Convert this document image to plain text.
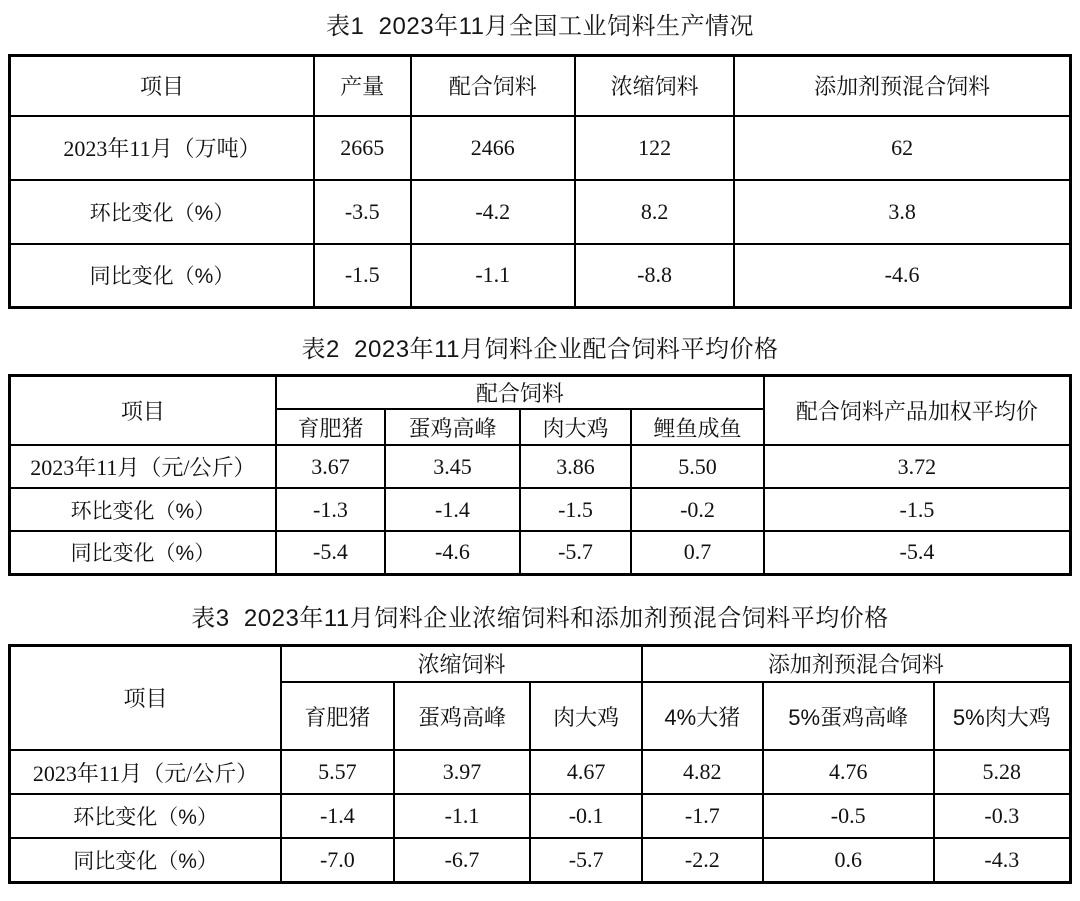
表1  2023年11月全国工业饲料生产情况
项目	产量	配合饲料	浓缩饲料	添加剂预混合饲料
2023年11月（万吨）	2665	2466	122	62
环比变化（%）	-3.5	-4.2	8.2	3.8
同比变化（%）	-1.5	-1.1	-8.8	-4.6
表2  2023年11月饲料企业配合饲料平均价格
项目	配合饲料				配合饲料产品加权平均价
	育肥猪	蛋鸡高峰	肉大鸡	鲤鱼成鱼	
2023年11月（元/公斤）	3.67	3.45	3.86	5.50	3.72
环比变化（%）	-1.3	-1.4	-1.5	-0.2	-1.5
同比变化（%）	-5.4	-4.6	-5.7	0.7	-5.4
表3  2023年11月饲料企业浓缩饲料和添加剂预混合饲料平均价格
项目	浓缩饲料			添加剂预混合饲料		
	育肥猪	蛋鸡高峰	肉大鸡	4%大猪	5%蛋鸡高峰	5%肉大鸡
2023年11月（元/公斤）	5.57	3.97	4.67	4.82	4.76	5.28
环比变化（%）	-1.4	-1.1	-0.1	-1.7	-0.5	-0.3
同比变化（%）	-7.0	-6.7	-5.7	-2.2	0.6	-4.3
